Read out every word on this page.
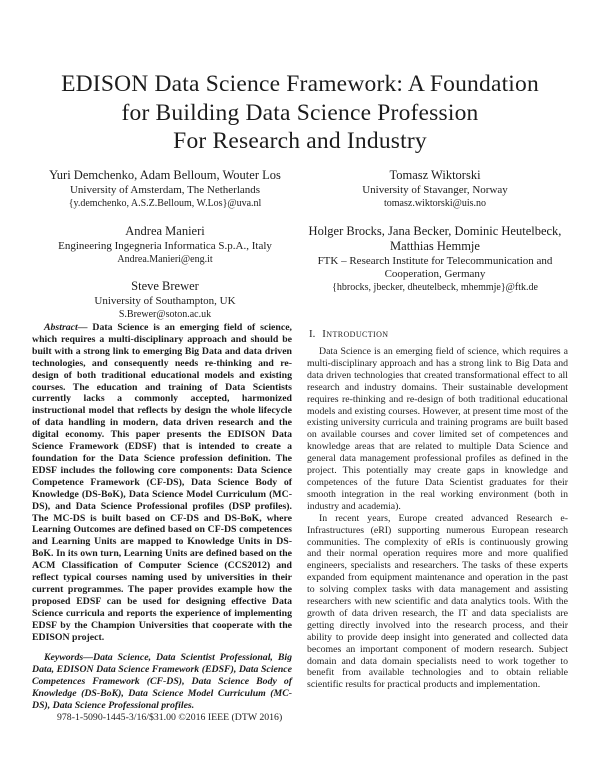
EDISON Data Science Framework: A Foundation
for Building Data Science Profession
For Research and Industry
Yuri Demchenko, Adam Belloum, Wouter Los
University of Amsterdam, The Netherlands
{y.demchenko, A.S.Z.Belloum, W.Los}@uva.nl
Andrea Manieri
Engineering Ingegneria Informatica S.p.A., Italy
Andrea.Manieri@eng.it
Steve Brewer
University of Southampton, UK
S.Brewer@soton.ac.uk
Tomasz Wiktorski
University of Stavanger, Norway
tomasz.wiktorski@uis.no
Holger Brocks, Jana Becker, Dominic Heutelbeck, Matthias Hemmje
FTK – Research Institute for Telecommunication and Cooperation, Germany
{hbrocks, jbecker, dheutelbeck, mhemmje}@ftk.de

Abstract— Data Science is an emerging field of science, which requires a multi-disciplinary approach and should be built with a strong link to emerging Big Data and data driven technologies, and consequently needs re-thinking and re-design of both traditional educational models and existing courses. The education and training of Data Scientists currently lacks a commonly accepted, harmonized instructional model that reflects by design the whole lifecycle of data handling in modern, data driven research and the digital economy. This paper presents the EDISON Data Science Framework (EDSF) that is intended to create a foundation for the Data Science profession definition. The EDSF includes the following core components: Data Science Competence Framework (CF-DS), Data Science Body of Knowledge (DS-BoK), Data Science Model Curriculum (MC-DS), and Data Science Professional profiles (DSP profiles). The MC-DS is built based on CF-DS and DS-BoK, where Learning Outcomes are defined based on CF-DS competences and Learning Units are mapped to Knowledge Units in DS-BoK. In its own turn, Learning Units are defined based on the ACM Classification of Computer Science (CCS2012) and reflect typical courses naming used by universities in their current programmes. The paper provides example how the proposed EDSF can be used for designing effective Data Science curricula and reports the experience of implementing EDSF by the Champion Universities that cooperate with the EDISON project.

Keywords—Data Science, Data Scientist Professional, Big Data, EDISON Data Science Framework (EDSF), Data Science Competences Framework (CF-DS), Data Science Body of Knowledge (DS-BoK), Data Science Model Curriculum (MC-DS), Data Science Professional profiles.

I. Introduction

Data Science is an emerging field of science, which requires a multi-disciplinary approach and has a strong link to Big Data and data driven technologies that created transformational effect to all research and industry domains. Their sustainable development requires re-thinking and re-design of both traditional educational models and existing courses. However, at present time most of the existing university curricula and training programs are built based on available courses and cover limited set of competences and knowledge areas that are related to multiple Data Science and general data management professional profiles as defined in the project. This potentially may create gaps in knowledge and competences of the future Data Scientist graduates for their smooth integration in the real working environment (both in industry and academia).

In recent years, Europe created advanced Research e-Infrastructures (eRI) supporting numerous European research communities. The complexity of eRIs is continuously growing and their normal operation requires more and more qualified engineers, specialists and researchers. The tasks of these experts expanded from equipment maintenance and operation in the past to solving complex tasks with data management and assisting researchers with new scientific and data analytics tools. With the growth of data driven research, the IT and data specialists are getting directly involved into the research process, and their ability to provide deep insight into generated and collected data becomes an important component of modern research. Subject domain and data domain specialists need to work together to benefit from available technologies and to obtain reliable scientific results for practical products and implementation.

978-1-5090-1445-3/16/$31.00 ©2016 IEEE (DTW 2016)
